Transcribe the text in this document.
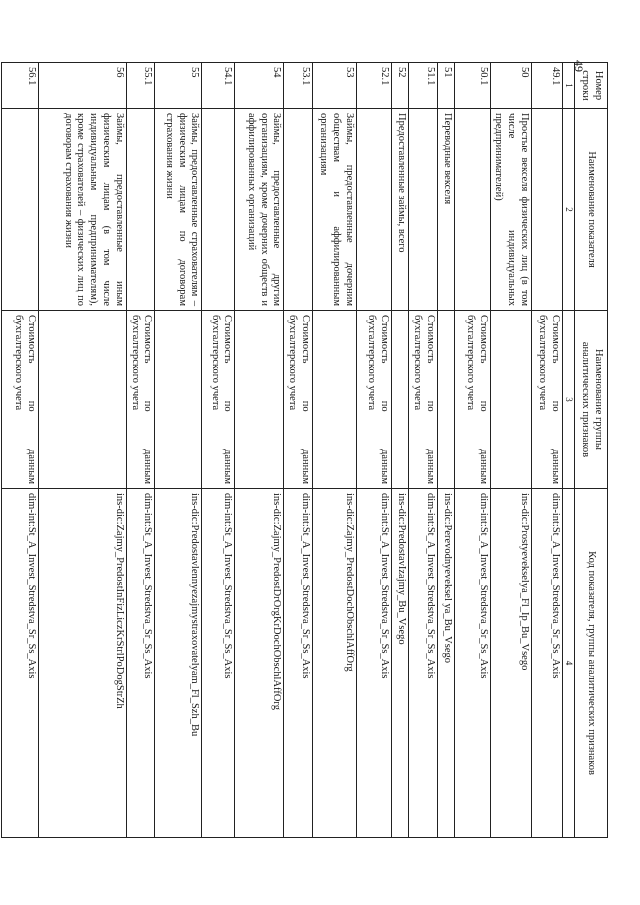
49
Номер строки	Наименование показателя	Наименование группы аналитических признаков	Код показателя, группы аналитических признаков
1	2	3	4
49.1		Стоимость по данным бухгалтерского учета	dim-int:St_A_Invest_Stredstva_Sr_Ss_Axis
50	Простые векселя физических лиц (в том числе индивидуальных предпринимателей)		ins-dic:Prostyevekselya_Fl_Ip_Bu_Vsego
50.1		Стоимость по данным бухгалтерского учета	dim-int:St_A_Invest_Stredstva_Sr_Ss_Axis
51	Переводные векселя		ins-dic:Perevodnyeveksel ya_Bu_Vsego
51.1		Стоимость по данным бухгалтерского учета	dim-int:St_A_Invest_Stredstva_Sr_Ss_Axis
52	Предоставленные займы, всего		ins-dic:PredostavIzajmy_Bu_Vsego
52.1		Стоимость по данным бухгалтерского учета	dim-int:St_A_Invest_Stredstva_Sr_Ss_Axis
53	Займы, предоставленные дочерним обществам и аффилированным организациям		ins-dic:Zajmy_PredostDochObschlAffOrg
53.1		Стоимость по данным бухгалтерского учета	dim-int:St_A_Invest_Stredstva_Sr_Ss_Axis
54	Займы, предоставленные другим организациям, кроме дочерних обществ и аффилированных организаций		ins-dic:Zajmy_PredostDrOrgKrDochObschlAffOrg
54.1		Стоимость по данным бухгалтерского учета	dim-int:St_A_Invest_Stredstva_Sr_Ss_Axis
55	Займы, предоставленные страхователям – физическим лицам по договорам страхования жизни		ins-dic:Predostavlennyezajmystraxovatelyam_Fl_Szh_Bu
55.1		Стоимость по данным бухгалтерского учета	dim-int:St_A_Invest_Stredstva_Sr_Ss_Axis
56	Займы, предоставленные иным физическим лицам (в том числе индивидуальным предпринимателям), кроме страхователей – физических лиц по договорам страхования жизни		ins-dic:Zajmy_PredostInFizLiczKrStrlPoDogStrZh
56.1		Стоимость по данным бухгалтерского учета	dim-int:St_A_Invest_Stredstva_Sr_Ss_Axis
